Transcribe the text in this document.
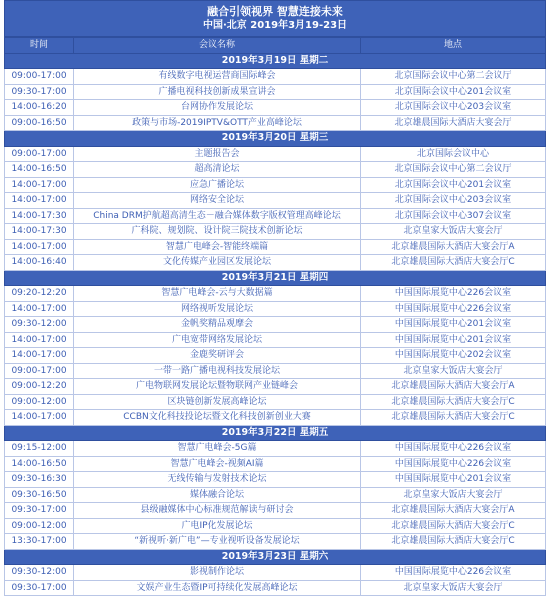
融合引领视界 智慧连接未来
中国·北京 2019年3月19-23日
时间	会议名称	地点
2019年3月19日 星期二		
09:00-17:00	有线数字电视运营商国际峰会	北京国际会议中心第二会议厅
09:30-17:00	广播电视科技创新成果宣讲会	北京国际会议中心201会议室
14:00-16:20	台网协作发展论坛	北京国际会议中心203会议室
09:00-16:50	政策与市场-2019IPTV&OTT产业高峰论坛	北京雄晨国际大酒店大宴会厅
2019年3月20日 星期三		
09:00-17:00	主题报告会	北京国际会议中心
14:00-16:50	超高清论坛	北京国际会议中心第二会议厅
14:00-17:00	应急广播论坛	北京国际会议中心201会议室
14:00-17:00	网络安全论坛	北京国际会议中心203会议室
14:00-17:30	China DRM护航超高清生态－融合媒体数字版权管理高峰论坛	北京国际会议中心307会议室
14:00-17:30	广科院、规划院、设计院三院技术创新论坛	北京皇家大饭店大宴会厅
14:00-17:00	智慧广电峰会-智能终端篇	北京雄晨国际大酒店大宴会厅A
14:00-16:40	文化传媒产业园区发展论坛	北京雄晨国际大酒店大宴会厅C
2019年3月21日 星期四		
09:20-12:20	智慧广电峰会-云与大数据篇	中国国际展览中心226会议室
14:00-17:00	网络视听发展论坛	中国国际展览中心226会议室
09:30-12:00	金帆奖精品观摩会	中国国际展览中心201会议室
14:00-17:00	广电宽带网络发展论坛	中国国际展览中心201会议室
14:00-17:00	金鹿奖研评会	中国国际展览中心202会议室
09:00-17:00	一带一路广播电视科技发展论坛	北京皇家大饭店大宴会厅
09:00-12:20	广电物联网发展论坛暨物联网产业链峰会	北京雄晨国际大酒店大宴会厅A
09:00-12:00	区块链创新发展高峰论坛	北京雄晨国际大酒店大宴会厅C
14:00-17:00	CCBN文化科技投论坛暨文化科技创新创业大赛	北京雄晨国际大酒店大宴会厅C
2019年3月22日 星期五		
09:15-12:00	智慧广电峰会-5G篇	中国国际展览中心226会议室
14:00-16:50	智慧广电峰会-视频AI篇	中国国际展览中心226会议室
09:30-16:30	无线传输与发射技术论坛	中国国际展览中心201会议室
09:30-16:50	媒体融合论坛	北京皇家大饭店大宴会厅
09:30-17:00	县级融媒体中心标准规范解读与研讨会	北京雄晨国际大酒店大宴会厅A
09:00-12:00	广电IP化发展论坛	北京雄晨国际大酒店大宴会厅C
13:30-17:00	“新视听·新广电”—专业视听设备发展论坛	北京雄晨国际大酒店大宴会厅C
2019年3月23日 星期六		
09:30-12:00	影视制作论坛	中国国际展览中心226会议室
09:30-17:00	文娱产业生态暨IP可持续化发展高峰论坛	北京皇家大饭店大宴会厅
